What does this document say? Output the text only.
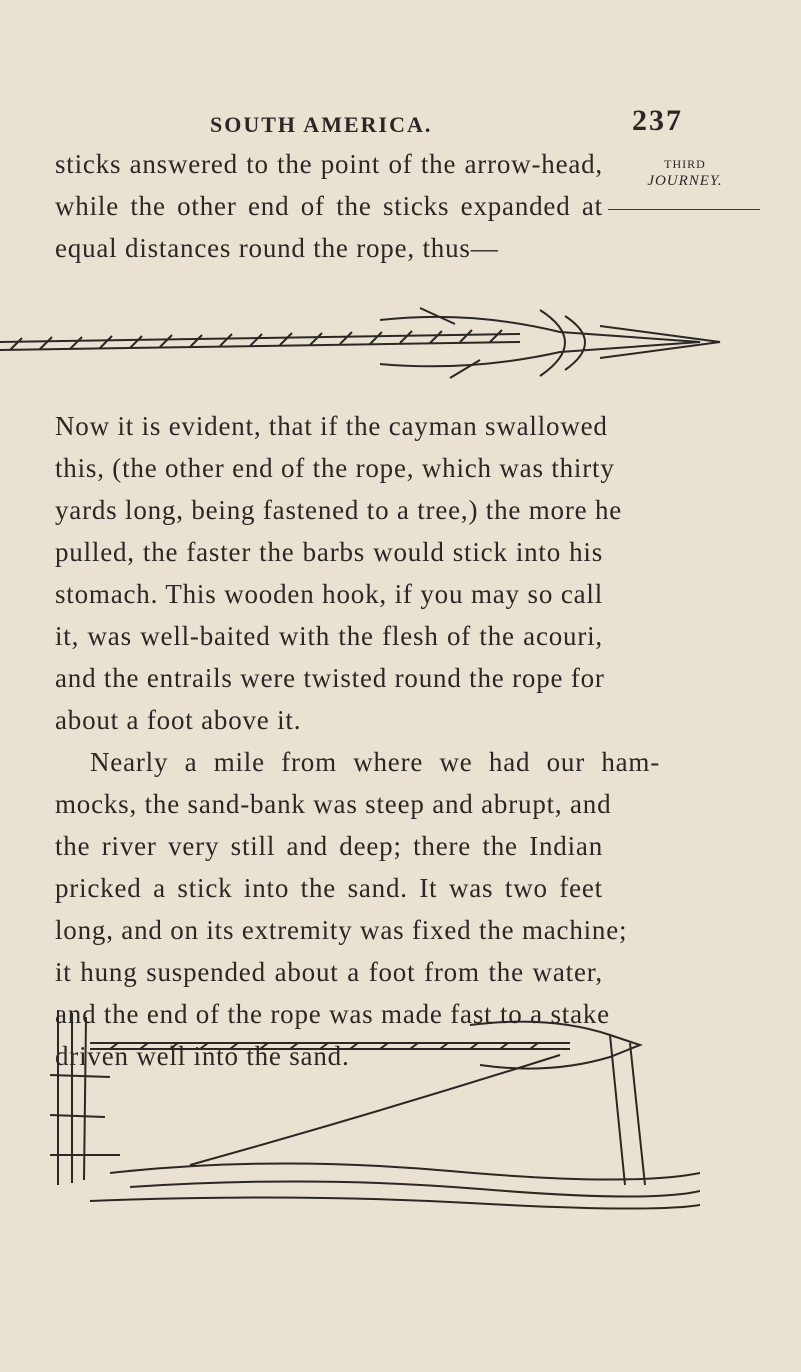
SOUTH AMERICA.	237
THIRD
JOURNEY.
sticks answered to the point of the arrow-head,
while the other end of the sticks expanded at
equal distances round the rope, thus—
Now it is evident, that if the cayman swallowed
this, (the other end of the rope, which was thirty
yards long, being fastened to a tree,) the more he
pulled, the faster the barbs would stick into his
stomach. This wooden hook, if you may so call
it, was well-baited with the flesh of the acouri,
and the entrails were twisted round the rope for
about a foot above it.
Nearly a mile from where we had our ham-
mocks, the sand-bank was steep and abrupt, and
the river very still and deep; there the Indian
pricked a stick into the sand. It was two feet
long, and on its extremity was fixed the machine;
it hung suspended about a foot from the water,
and the end of the rope was made fast to a stake
driven well into the sand.
